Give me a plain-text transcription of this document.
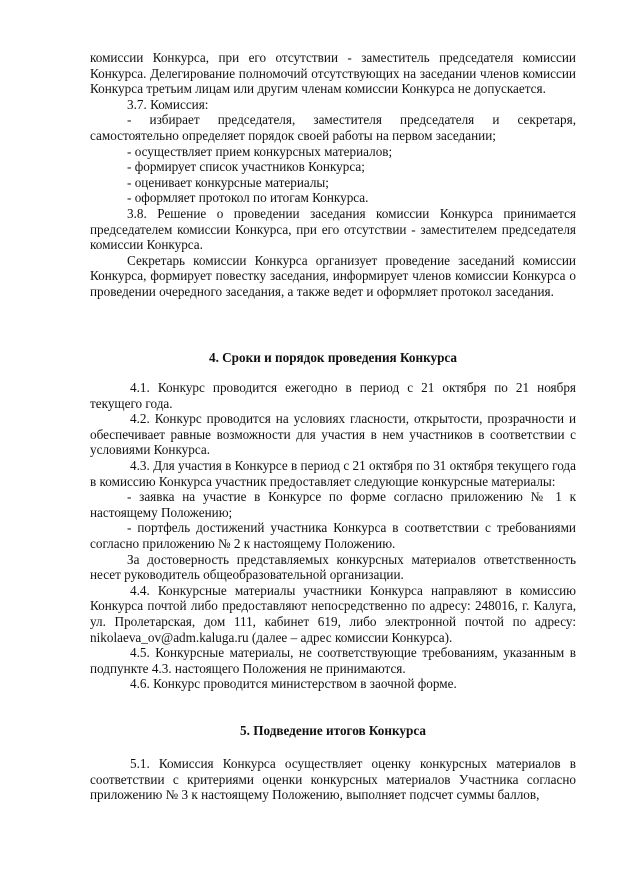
комиссии Конкурса, при его отсутствии - заместитель председателя комиссии Конкурса. Делегирование полномочий отсутствующих на заседании членов комиссии Конкурса третьим лицам или другим членам комиссии Конкурса не допускается.

3.7. Комиссия:

- избирает председателя, заместителя председателя и секретаря, самостоятельно определяет порядок своей работы на первом заседании;

- осуществляет прием конкурсных материалов;

- формирует список участников Конкурса;

- оценивает конкурсные материалы;

- оформляет протокол по итогам Конкурса.

3.8. Решение о проведении заседания комиссии Конкурса принимается председателем комиссии Конкурса, при его отсутствии - заместителем председателя комиссии Конкурса.

Секретарь комиссии Конкурса организует проведение заседаний комиссии Конкурса, формирует повестку заседания, информирует членов комиссии Конкурса о проведении очередного заседания, а также ведет и оформляет протокол заседания.

4. Сроки и порядок проведения Конкурса

4.1. Конкурс проводится ежегодно в период с 21 октября по 21 ноября текущего года.

4.2. Конкурс проводится на условиях гласности, открытости, прозрачности и обеспечивает равные возможности для участия в нем участников в соответствии с условиями Конкурса.

4.3. Для участия в Конкурсе в период с 21 октября по 31 октября текущего года в комиссию Конкурса участник предоставляет следующие конкурсные материалы:

- заявка на участие в Конкурсе по форме согласно приложению № 1 к настоящему Положению;

- портфель достижений участника Конкурса в соответствии с требованиями согласно приложению № 2 к настоящему Положению.

За достоверность представляемых конкурсных материалов ответственность несет руководитель общеобразовательной организации.

4.4. Конкурсные материалы участники Конкурса направляют в комиссию Конкурса почтой либо предоставляют непосредственно по адресу: 248016, г. Калуга, ул. Пролетарская, дом 111, кабинет 619, либо электронной почтой по адресу: nikolaeva_ov@adm.kaluga.ru (далее – адрес комиссии Конкурса).

4.5. Конкурсные материалы, не соответствующие требованиям, указанным в подпункте 4.3. настоящего Положения не принимаются.

4.6. Конкурс проводится министерством в заочной форме.

5. Подведение итогов Конкурса

5.1. Комиссия Конкурса осуществляет оценку конкурсных материалов в соответствии с критериями оценки конкурсных материалов Участника согласно приложению № 3 к настоящему Положению, выполняет подсчет суммы баллов,
